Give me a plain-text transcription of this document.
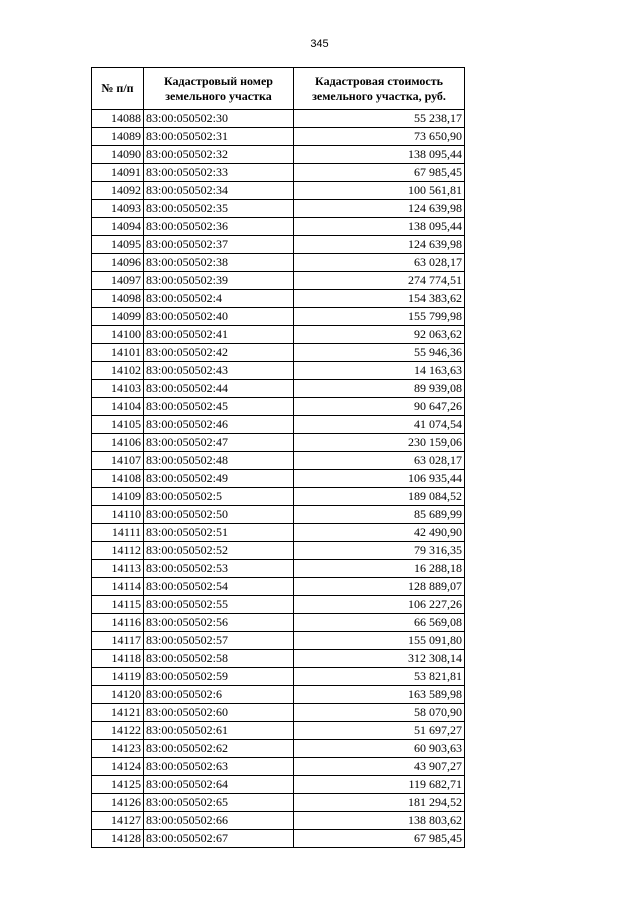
345
№ п/п	Кадастровый номер земельного участка	Кадастровая стоимость земельного участка, руб.
14088	83:00:050502:30	55 238,17
14089	83:00:050502:31	73 650,90
14090	83:00:050502:32	138 095,44
14091	83:00:050502:33	67 985,45
14092	83:00:050502:34	100 561,81
14093	83:00:050502:35	124 639,98
14094	83:00:050502:36	138 095,44
14095	83:00:050502:37	124 639,98
14096	83:00:050502:38	63 028,17
14097	83:00:050502:39	274 774,51
14098	83:00:050502:4	154 383,62
14099	83:00:050502:40	155 799,98
14100	83:00:050502:41	92 063,62
14101	83:00:050502:42	55 946,36
14102	83:00:050502:43	14 163,63
14103	83:00:050502:44	89 939,08
14104	83:00:050502:45	90 647,26
14105	83:00:050502:46	41 074,54
14106	83:00:050502:47	230 159,06
14107	83:00:050502:48	63 028,17
14108	83:00:050502:49	106 935,44
14109	83:00:050502:5	189 084,52
14110	83:00:050502:50	85 689,99
14111	83:00:050502:51	42 490,90
14112	83:00:050502:52	79 316,35
14113	83:00:050502:53	16 288,18
14114	83:00:050502:54	128 889,07
14115	83:00:050502:55	106 227,26
14116	83:00:050502:56	66 569,08
14117	83:00:050502:57	155 091,80
14118	83:00:050502:58	312 308,14
14119	83:00:050502:59	53 821,81
14120	83:00:050502:6	163 589,98
14121	83:00:050502:60	58 070,90
14122	83:00:050502:61	51 697,27
14123	83:00:050502:62	60 903,63
14124	83:00:050502:63	43 907,27
14125	83:00:050502:64	119 682,71
14126	83:00:050502:65	181 294,52
14127	83:00:050502:66	138 803,62
14128	83:00:050502:67	67 985,45
